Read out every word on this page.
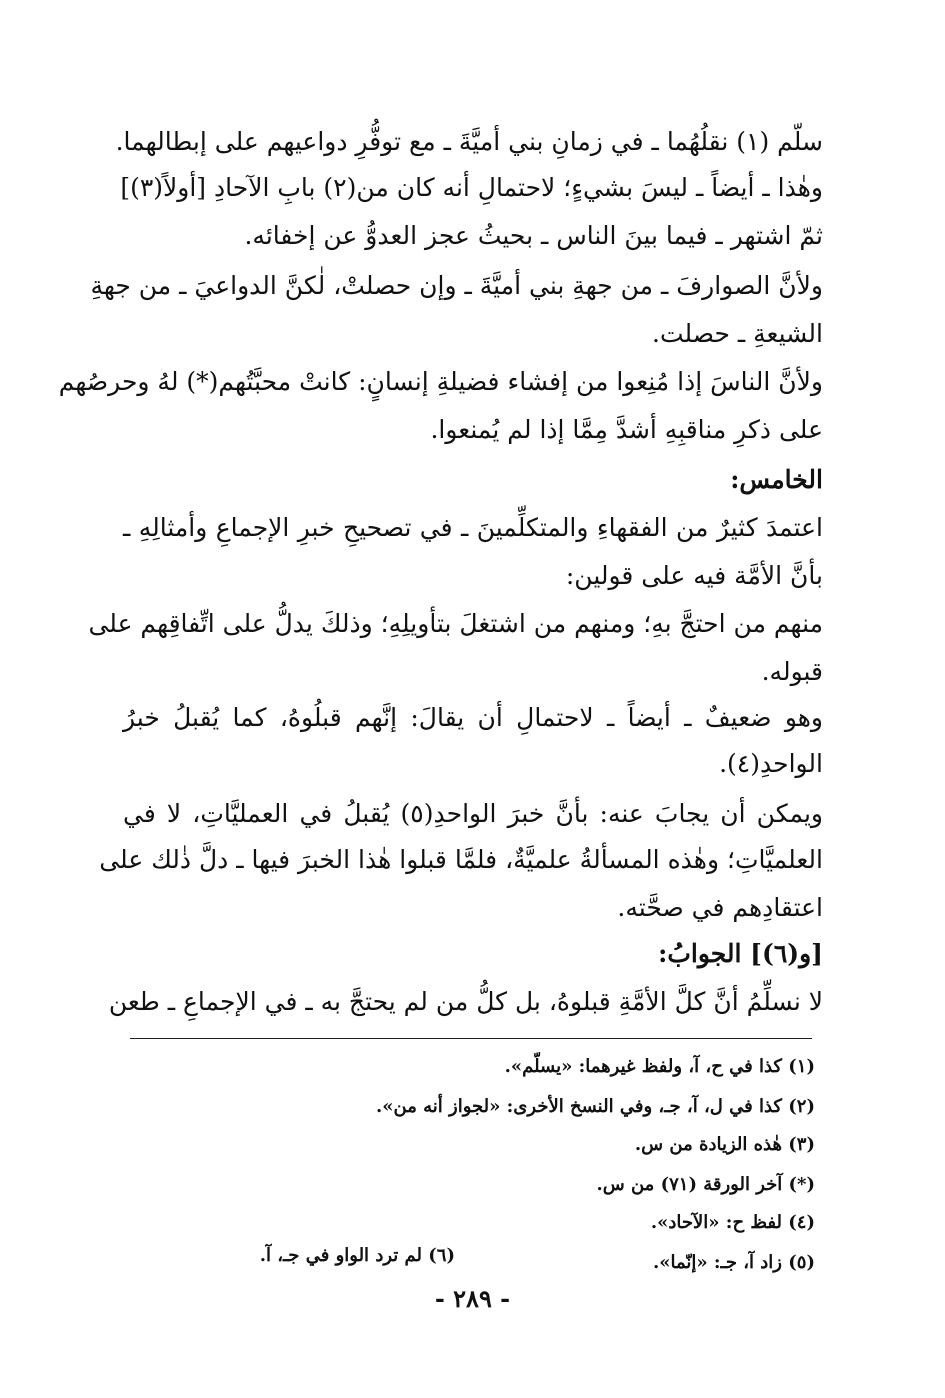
سلّم (١) نقلُهُما ـ في زمانِ بني أميَّةَ ـ مع توفُّرِ دواعيهم على إبطالهما.
وهٰذا ـ أيضاً ـ ليسَ بشيءٍ؛ لاحتمالِ أنه كان من(٢) بابِ الآحادِ [أولاً(٣)]
ثمّ اشتهر ـ فيما بينَ الناس ـ بحيثُ عجز العدوُّ عن إخفائه.
ولأنَّ الصوارفَ ـ من جهةِ بني أميَّةَ ـ وإن حصلتْ، لٰكنَّ الدواعيَ ـ من جهةِ
الشيعةِ ـ حصلت.
ولأنَّ الناسَ إذا مُنِعوا من إفشاء فضيلةِ إنسانٍ: كانتْ محبَّتُهم(*) لهُ وحرصُهم
على ذكرِ مناقبِهِ أشدَّ مِمَّا إذا لم يُمنعوا.
الخامس:
اعتمدَ كثيرٌ من الفقهاءِ والمتكلِّمينَ ـ في تصحيحِ خبرِ الإجماعِ وأمثالِهِ ـ
بأنَّ الأمَّة فيه على قولين:
منهم من احتجَّ بهِ؛ ومنهم من اشتغلَ بتأويلِهِ؛ وذلكَ يدلُّ على اتِّفاقِهم على
قبوله.
وهو ضعيفٌ ـ أيضاً ـ لاحتمالِ أن يقالَ: إنَّهم قبلُوهُ، كما يُقبلُ خبرُ
الواحدِ(٤).
ويمكن أن يجابَ عنه: بأنَّ خبرَ الواحدِ(٥) يُقبلُ في العمليَّاتِ، لا في
العلميَّاتِ؛ وهٰذه المسألةُ علميَّةٌ، فلمَّا قبلوا هٰذا الخبرَ فيها ـ دلَّ ذٰلك على
اعتقادِهم في صحَّته.
[و(٦)] الجوابُ:
لا نسلِّمُ أنَّ كلَّ الأمَّةِ قبلوهُ، بل كلُّ من لم يحتجَّ به ـ في الإجماعِ ـ طعن
(١) كذا في ح، آ، ولفظ غيرهما: «يسلّم».
(٢) كذا في ل، آ، جـ، وفي النسخ الأخرى: «لجواز أنه من».
(٣) هٰذه الزيادة من س.
(*) آخر الورقة (٧١) من س.
(٤) لفظ ح: «الآحاد».
(٥) زاد آ، جـ: «إنّما».
(٦) لم ترد الواو في جـ، آ.
- ٢٨٩ -
